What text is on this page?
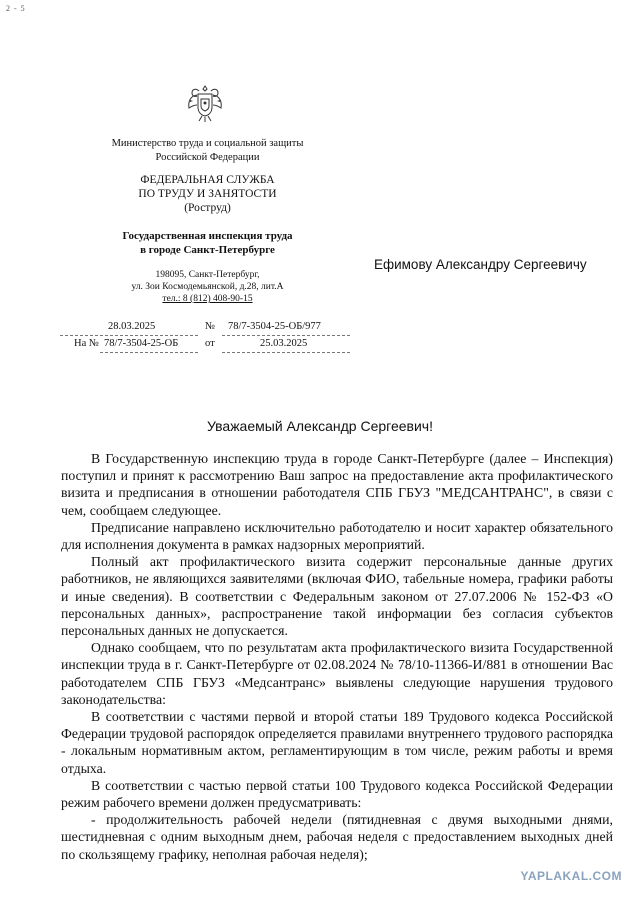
2 - 5
Министерство труда и социальной защиты
Российской Федерации
ФЕДЕРАЛЬНАЯ СЛУЖБА
ПО ТРУДУ И ЗАНЯТОСТИ
(Роструд)
Государственная инспекция труда
в городе Санкт-Петербурге
198095, Санкт-Петербург,
ул. Зои Космодемьянской, д.28, лит.А
тел.: 8 (812) 408-90-15
28.03.2025	№ 78/7-3504-25-ОБ/977
На № 78/7-3504-25-ОБ	от	25.03.2025
Ефимову Александру Сергеевичу
Уважаемый Александр Сергеевич!

В Государственную инспекцию труда в городе Санкт-Петербурге (далее – Инспекция) поступил и принят к рассмотрению Ваш запрос на предоставление акта профилактического визита и предписания в отношении работодателя СПБ ГБУЗ "МЕДСАНТРАНС", в связи с чем, сообщаем следующее.

Предписание направлено исключительно работодателю и носит характер обязательного для исполнения документа в рамках надзорных мероприятий.

Полный акт профилактического визита содержит персональные данные других работников, не являющихся заявителями (включая ФИО, табельные номера, графики работы и иные сведения). В соответствии с Федеральным законом от 27.07.2006 № 152-ФЗ «О персональных данных», распространение такой информации без согласия субъектов персональных данных не допускается.

Однако сообщаем, что по результатам акта профилактического визита Государственной инспекции труда в г. Санкт-Петербурге от 02.08.2024 № 78/10-11366-И/881 в отношении Вас работодателем СПБ ГБУЗ «Медсантранс» выявлены следующие нарушения трудового законодательства:

В соответствии с частями первой и второй статьи 189 Трудового кодекса Российской Федерации трудовой распорядок определяется правилами внутреннего трудового распорядка - локальным нормативным актом, регламентирующим в том числе, режим работы и время отдыха.

В соответствии с частью первой статьи 100 Трудового кодекса Российской Федерации режим рабочего времени должен предусматривать:

- продолжительность рабочей недели (пятидневная с двумя выходными днями, шестидневная с одним выходным днем, рабочая неделя с предоставлением выходных дней по скользящему графику, неполная рабочая неделя);

YAPLAKAL.COM
